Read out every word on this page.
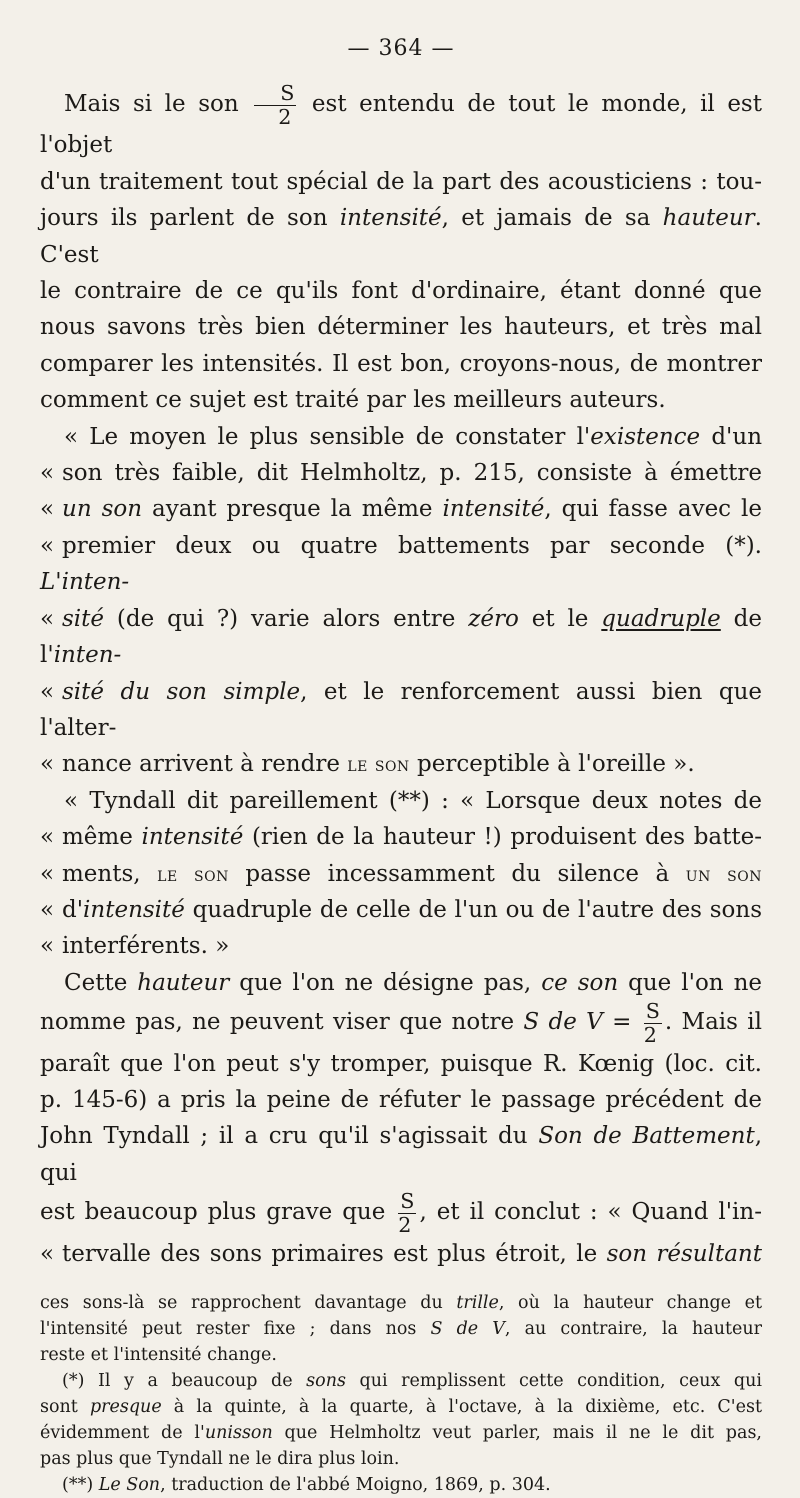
— 364 —

Mais si le son $\frac{S}{2}$ est entendu de tout le monde, il est l'objet
d'un traitement tout spécial de la part des acousticiens : tou-
jours ils parlent de son intensité, et jamais de sa hauteur. C'est
le contraire de ce qu'ils font d'ordinaire, étant donné que
nous savons très bien déterminer les hauteurs, et très mal
comparer les intensités. Il est bon, croyons-nous, de montrer
comment ce sujet est traité par les meilleurs auteurs.

« Le moyen le plus sensible de constater l'existence d'un
« son très faible, dit Helmholtz, p. 215, consiste à émettre
« un son ayant presque la même intensité, qui fasse avec le
« premier deux ou quatre battements par seconde (*). L'inten-
« sité (de qui ?) varie alors entre zéro et le quadruple de l'inten-
« sité du son simple, et le renforcement aussi bien que l'alter-
« nance arrivent à rendre le son perceptible à l'oreille ».

« Tyndall dit pareillement (**) : « Lorsque deux notes de
« même intensité (rien de la hauteur !) produisent des batte-
« ments, le son passe incessamment du silence à un son
« d'intensité quadruple de celle de l'un ou de l'autre des sons
« interférents. »

Cette hauteur que l'on ne désigne pas, ce son que l'on ne
nomme pas, ne peuvent viser que notre S de $V = \frac{S}{2}$ . Mais il
paraît que l'on peut s'y tromper, puisque R. Kœnig (loc. cit.
p. 145-6) a pris la peine de réfuter le passage précédent de
John Tyndall ; il a cru qu'il s'agissait du Son de Battement, qui
est beaucoup plus grave que $\frac{S}{2}$ , et il conclut : « Quand l'in-
« tervalle des sons primaires est plus étroit, le son résultant

ces sons-là se rapprochent davantage du trille, où la hauteur change et
l'intensité peut rester fixe ; dans nos S de V, au contraire, la hauteur
reste et l'intensité change.

(*) Il y a beaucoup de sons qui remplissent cette condition, ceux qui
sont presque à la quinte, à la quarte, à l'octave, à la dixième, etc. C'est
évidemment de l'unisson que Helmholtz veut parler, mais il ne le dit pas,
pas plus que Tyndall ne le dira plus loin.

(**) Le Son, traduction de l'abbé Moigno, 1869, p. 304.
